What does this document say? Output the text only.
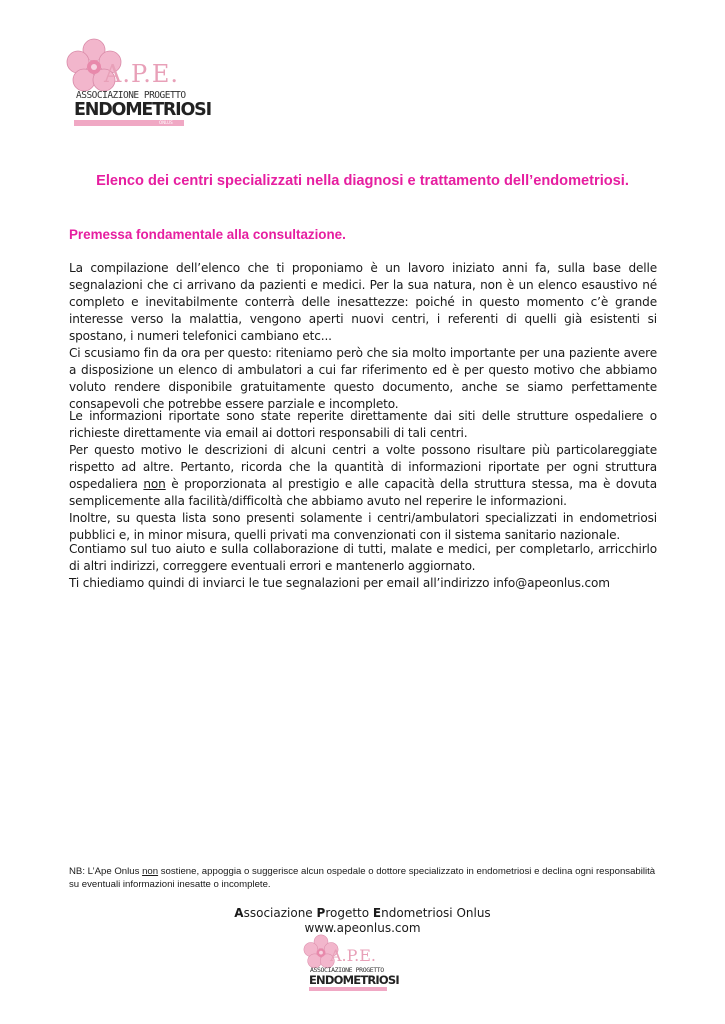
A.P.E.
ASSOCIAZIONE PROGETTO
ENDOMETRIOSI
ONLUS
Elenco dei centri specializzati nella diagnosi e trattamento dell’endometriosi.
Premessa fondamentale alla consultazione.

La compilazione dell’elenco che ti proponiamo è un lavoro iniziato anni fa, sulla base delle segnalazioni che ci arrivano da pazienti e medici. Per la sua natura, non è un elenco esaustivo né completo e inevitabilmente conterrà delle inesattezze: poiché in questo momento c’è grande interesse verso la malattia, vengono aperti nuovi centri, i referenti di quelli già esistenti si spostano, i numeri telefonici cambiano etc...

Ci scusiamo fin da ora per questo: riteniamo però che sia molto importante per una paziente avere a disposizione un elenco di ambulatori a cui far riferimento ed è per questo motivo che abbiamo voluto rendere disponibile gratuitamente questo documento, anche se siamo perfettamente consapevoli che potrebbe essere parziale e incompleto.

Le informazioni riportate sono state reperite direttamente dai siti delle strutture ospedaliere o richieste direttamente via email ai dottori responsabili di tali centri.

Per questo motivo le descrizioni di alcuni centri a volte possono risultare più particolareggiate rispetto ad altre. Pertanto, ricorda che la quantità di informazioni riportate per ogni struttura ospedaliera non è proporzionata al prestigio e alle capacità della struttura stessa, ma è dovuta semplicemente alla facilità/difficoltà che abbiamo avuto nel reperire le informazioni.

Inoltre, su questa lista sono presenti solamente i centri/ambulatori specializzati in endometriosi pubblici e, in minor misura, quelli privati ma convenzionati con il sistema sanitario nazionale.

Contiamo sul tuo aiuto e sulla collaborazione di tutti, malate e medici, per completarlo, arricchirlo di altri indirizzi, correggere eventuali errori e mantenerlo aggiornato.

Ti chiediamo quindi di inviarci le tue segnalazioni per email all’indirizzo info@apeonlus.com

NB: L’Ape Onlus non sostiene, appoggia o suggerisce alcun ospedale o dottore specializzato in endometriosi e declina ogni responsabilità su eventuali informazioni inesatte o incomplete.
Associazione Progetto Endometriosi Onlus
www.apeonlus.com
A.P.E.
ASSOCIAZIONE PROGETTO
ENDOMETRIOSI
